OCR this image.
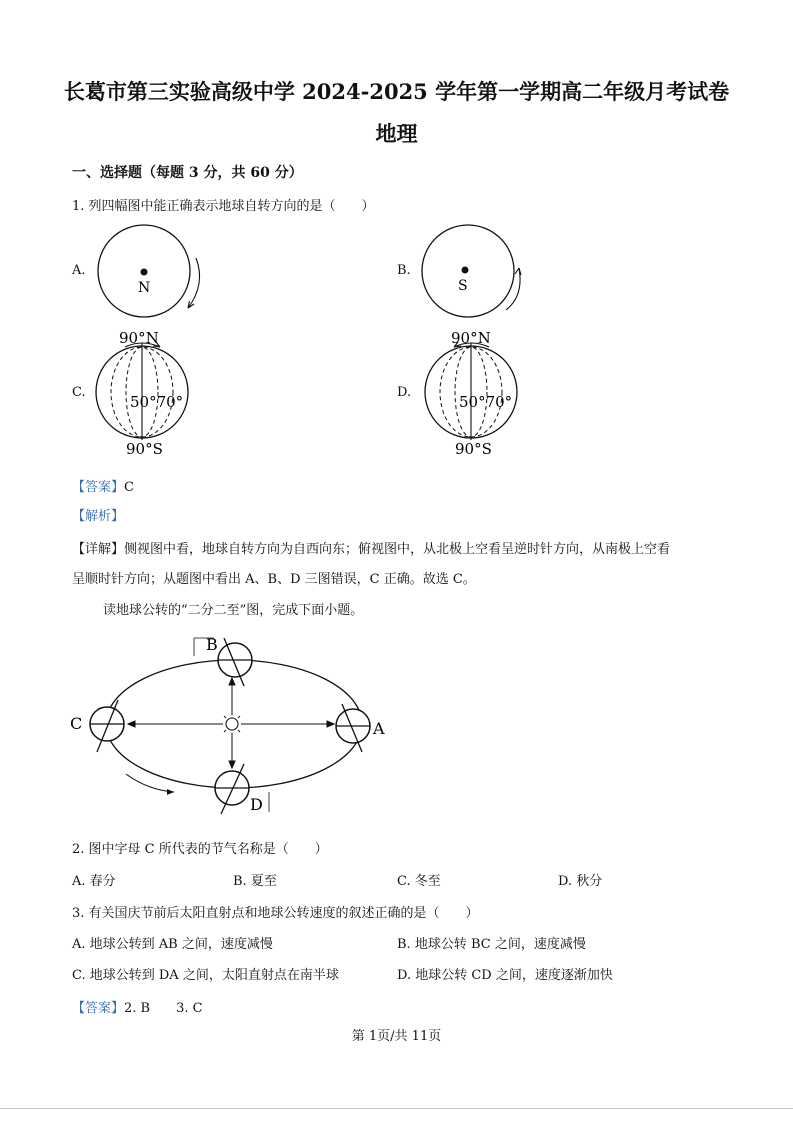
长葛市第三实验高级中学 2024-2025 学年第一学期高二年级月考试卷
地理
一、选择题（每题 3 分，共 60 分）
1. 列四幅图中能正确表示地球自转方向的是（　　）
A.	B.
C.	D.
N	S
90°N
50°70°
90°S
90°N
50°70°
90°S
【答案】C
【解析】
【详解】侧视图中看，地球自转方向为自西向东；俯视图中，从北极上空看呈逆时针方向，从南极上空看
呈顺时针方向；从题图中看出 A、B、D 三图错误，C 正确。故选 C。
读地球公转的“二分二至”图，完成下面小题。
B
C	A
D
2. 图中字母 C 所代表的节气名称是（　　）
A. 春分	B. 夏至	C. 冬至	D. 秋分
3. 有关国庆节前后太阳直射点和地球公转速度的叙述正确的是（　　）
A. 地球公转到 AB 之间，速度减慢	B. 地球公转 BC 之间，速度减慢
C. 地球公转到 DA 之间，太阳直射点在南半球	D. 地球公转 CD 之间，速度逐渐加快
【答案】2. B　　3. C
第 1页/共 11页
